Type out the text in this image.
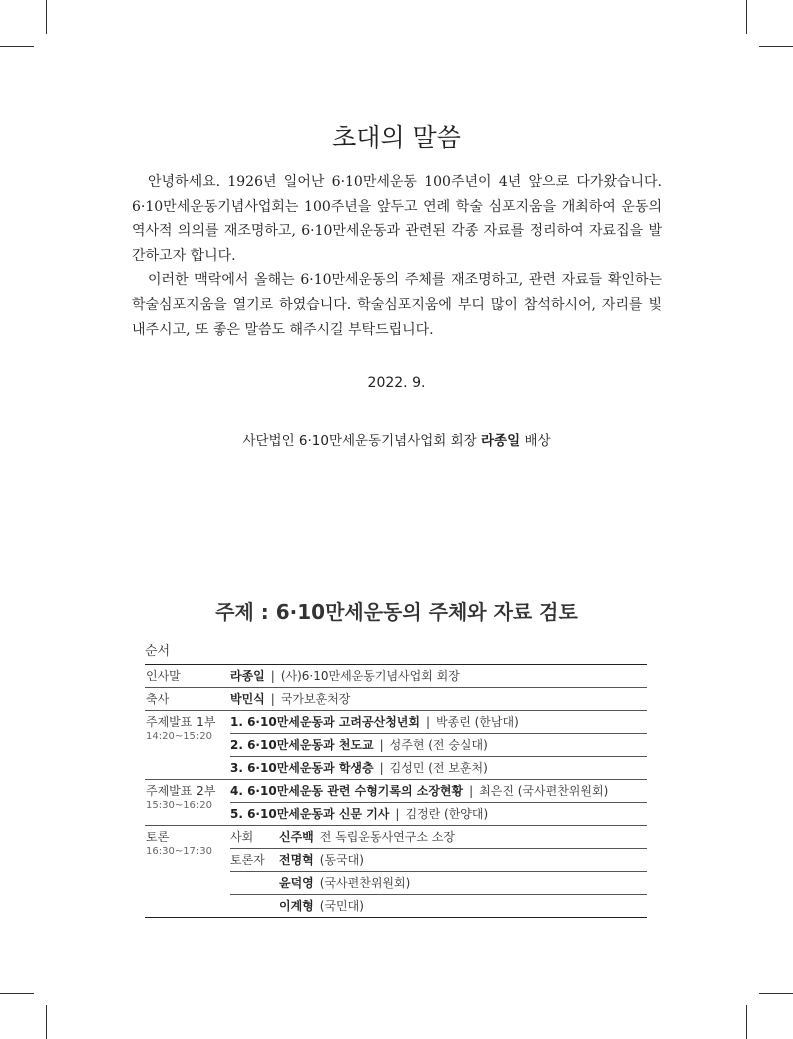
초대의 말씀

안녕하세요. 1926년 일어난 6·10만세운동 100주년이 4년 앞으로 다가왔습니다. 6·10만세운동기념사업회는 100주년을 앞두고 연례 학술 심포지움을 개최하여 운동의 역사적 의의를 재조명하고, 6·10만세운동과 관련된 각종 자료를 정리하여 자료집을 발간하고자 합니다.

이러한 맥락에서 올해는 6·10만세운동의 주체를 재조명하고, 관련 자료들 확인하는 학술심포지움을 열기로 하였습니다. 학술심포지움에 부디 많이 참석하시어, 자리를 빛내주시고, 또 좋은 말씀도 해주시길 부탁드립니다.

2022. 9.
사단법인 6·10만세운동기념사업회 회장 라종일 배상
주제 : 6·10만세운동의 주체와 자료 검토
순서
인사말	라종일 | (사)6·10만세운동기념사업회 회장
축사	박민식 | 국가보훈처장
주제발표 1부
14:20~15:20
1. 6·10만세운동과 고려공산청년회 | 박종린 (한남대)
2. 6·10만세운동과 천도교 | 성주현 (전 숭실대)
3. 6·10만세운동과 학생층 | 김성민 (전 보훈처)
주제발표 2부
15:30~16:20
4. 6·10만세운동 관련 수형기록의 소장현황 | 최은진 (국사편찬위원회)
5. 6·10만세운동과 신문 기사 | 김정란 (한양대)
토론
16:30~17:30
사회 신주백 전 독립운동사연구소 소장
토론자 전명혁 (동국대)
윤덕영 (국사편찬위원회)
이계형 (국민대)
